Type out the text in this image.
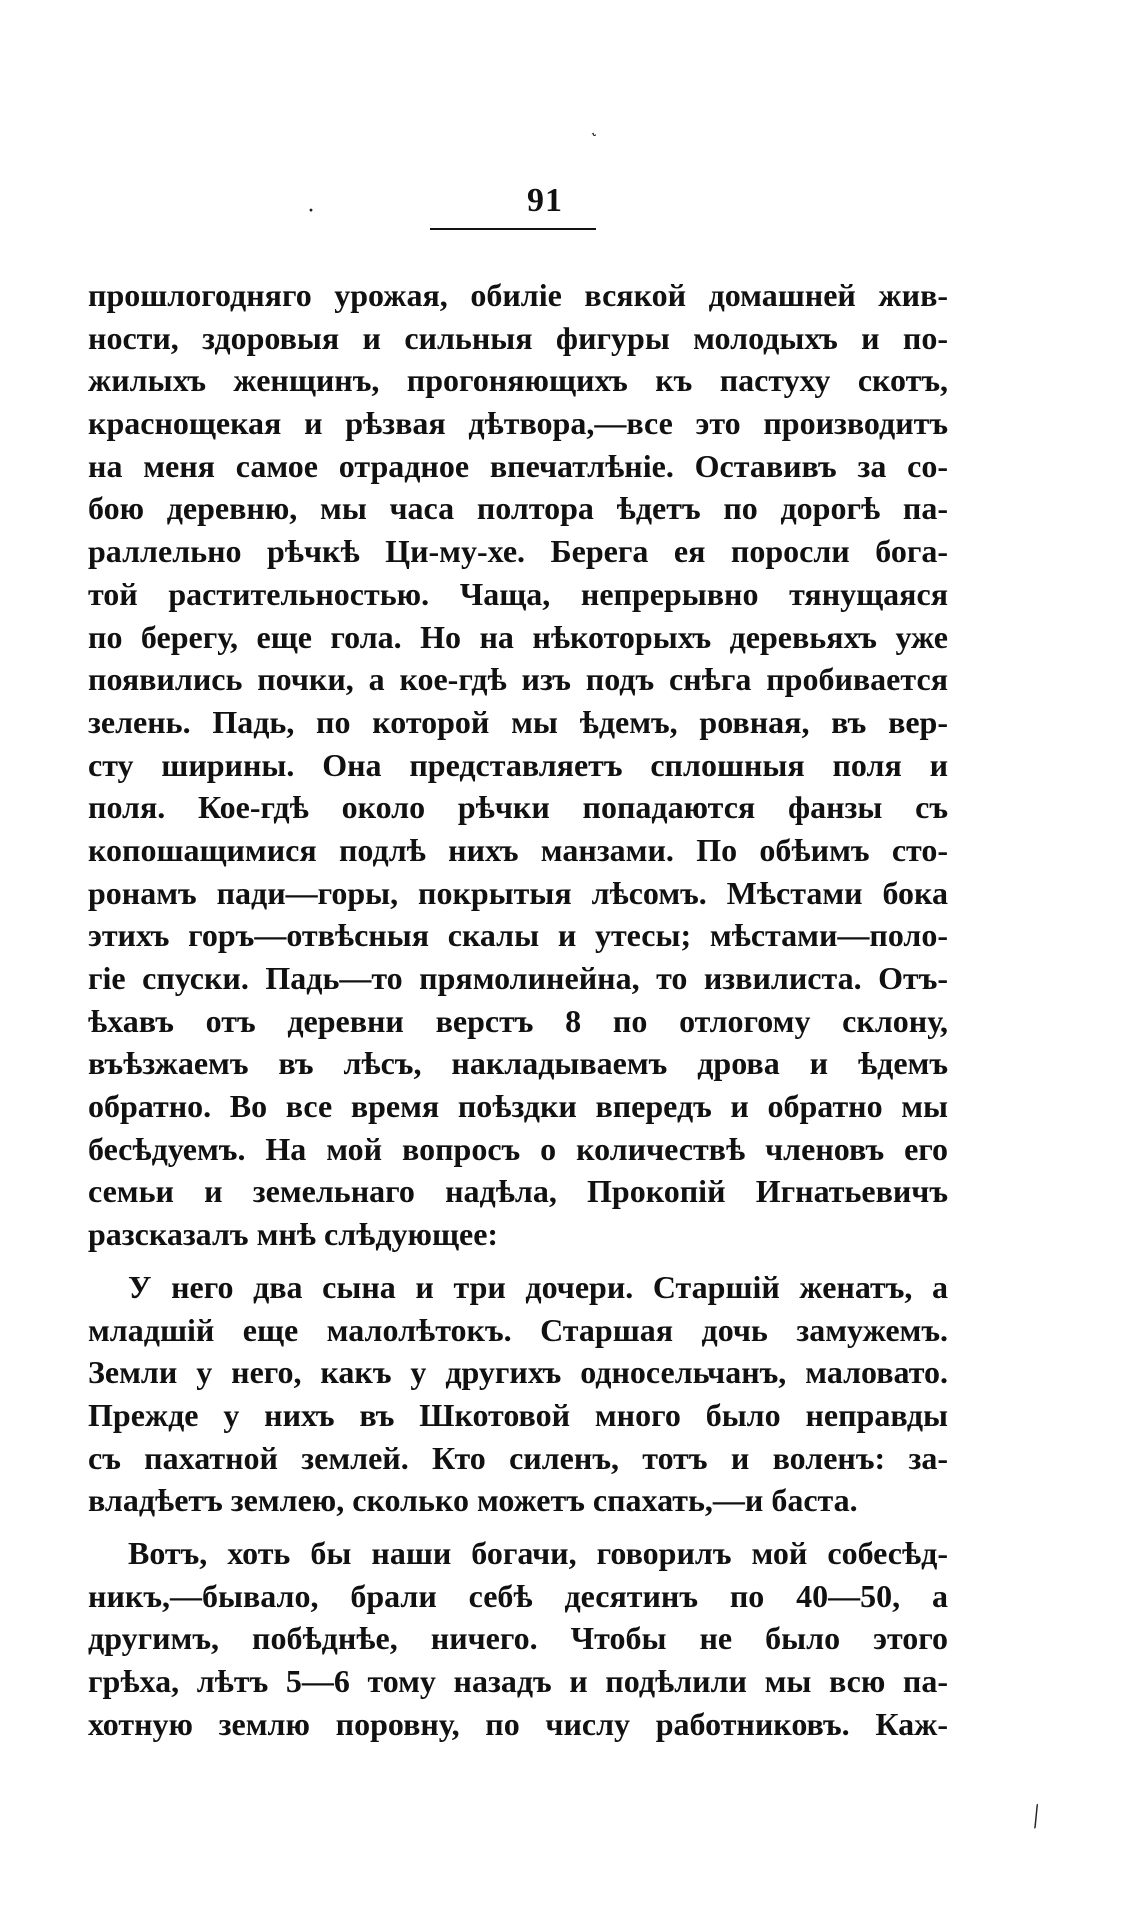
˞
·	91
прошлогодняго урожая, обиліе всякой домашней жив-
ности, здоровыя и сильныя фигуры молодыхъ и по-
жилыхъ женщинъ, прогоняющихъ къ пастуху скотъ,
краснощекая и рѣзвая дѣтвора,—все это производитъ
на меня самое отрадное впечатлѣніе. Оставивъ за со-
бою деревню, мы часа полтора ѣдетъ по дорогѣ па-
раллельно рѣчкѣ Ци-му-хе. Берега ея поросли бога-
той растительностью. Чаща, непрерывно тянущаяся
по берегу, еще гола. Но на нѣкоторыхъ деревьяхъ уже
появились почки, а кое-гдѣ изъ подъ снѣга пробивается
зелень. Падь, по которой мы ѣдемъ, ровная, въ вер-
сту ширины. Она представляетъ сплошныя поля и
поля. Кое-гдѣ около рѣчки попадаются фанзы съ
копошащимися подлѣ нихъ манзами. По обѣимъ сто-
ронамъ пади—горы, покрытыя лѣсомъ. Мѣстами бока
этихъ горъ—отвѣсныя скалы и утесы; мѣстами—поло-
гіе спуски. Падь—то прямолинейна, то извилиста. Отъ-
ѣхавъ отъ деревни верстъ 8 по отлогому склону,
въѣзжаемъ въ лѣсъ, накладываемъ дрова и ѣдемъ
обратно. Во все время поѣздки впередъ и обратно мы
бесѣдуемъ. На мой вопросъ о количествѣ членовъ его
семьи и земельнаго надѣла, Прокопій Игнатьевичъ
разсказалъ мнѣ слѣдующее:
У него два сына и три дочери. Старшій женатъ, а
младшій еще малолѣтокъ. Старшая дочь замужемъ.
Земли у него, какъ у другихъ односельчанъ, маловато.
Прежде у нихъ въ Шкотовой много было неправды
съ пахатной землей. Кто силенъ, тотъ и воленъ: за-
владѣетъ землею, сколько можетъ спахать,—и баста.
Вотъ, хоть бы наши богачи, говорилъ мой собесѣд-
никъ,—бывало, брали себѣ десятинъ по 40—50, а
другимъ, побѣднѣе, ничего. Чтобы не было этого
грѣха, лѣтъ 5—6 тому назадъ и подѣлили мы всю па-
хотную землю поровну, по числу работниковъ. Каж-
⁄
